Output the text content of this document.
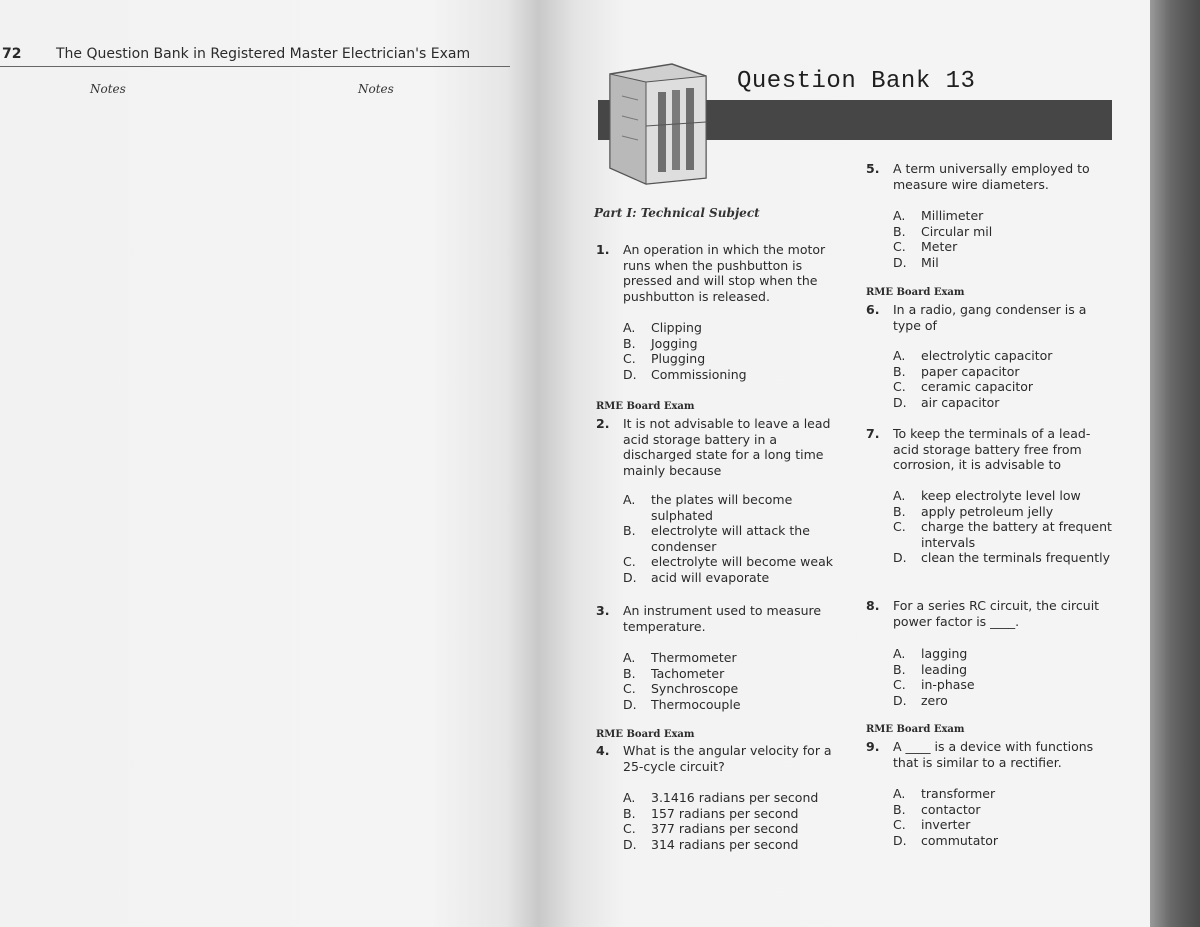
72 The Question Bank in Registered Master Electrician's Exam
Notes	Notes	Question Bank 13
Part I: Technical Subject
1. An operation in which the motor runs when the pushbutton is pressed and will stop when the pushbutton is released.
A. Clipping
B. Jogging
C. Plugging
D. Commissioning
RME Board Exam
2. It is not advisable to leave a lead acid storage battery in a discharged state for a long time mainly because
A. the plates will become sulphated
B. electrolyte will attack the condenser
C. electrolyte will become weak
D. acid will evaporate
3. An instrument used to measure temperature.
A. Thermometer
B. Tachometer
C. Synchroscope
D. Thermocouple
RME Board Exam
4. What is the angular velocity for a 25-cycle circuit?
A. 3.1416 radians per second
B. 157 radians per second
C. 377 radians per second
D. 314 radians per second
5. A term universally employed to measure wire diameters.
A. Millimeter
B. Circular mil
C. Meter
D. Mil
RME Board Exam
6. In a radio, gang condenser is a type of
A. electrolytic capacitor
B. paper capacitor
C. ceramic capacitor
D. air capacitor
7. To keep the terminals of a lead-acid storage battery free from corrosion, it is advisable to
A. keep electrolyte level low
B. apply petroleum jelly
C. charge the battery at frequent intervals
D. clean the terminals frequently
8. For a series RC circuit, the circuit power factor is ____.
A. lagging
B. leading
C. in-phase
D. zero
RME Board Exam
9. A ____ is a device with functions that is similar to a rectifier.
A. transformer
B. contactor
C. inverter
D. commutator
